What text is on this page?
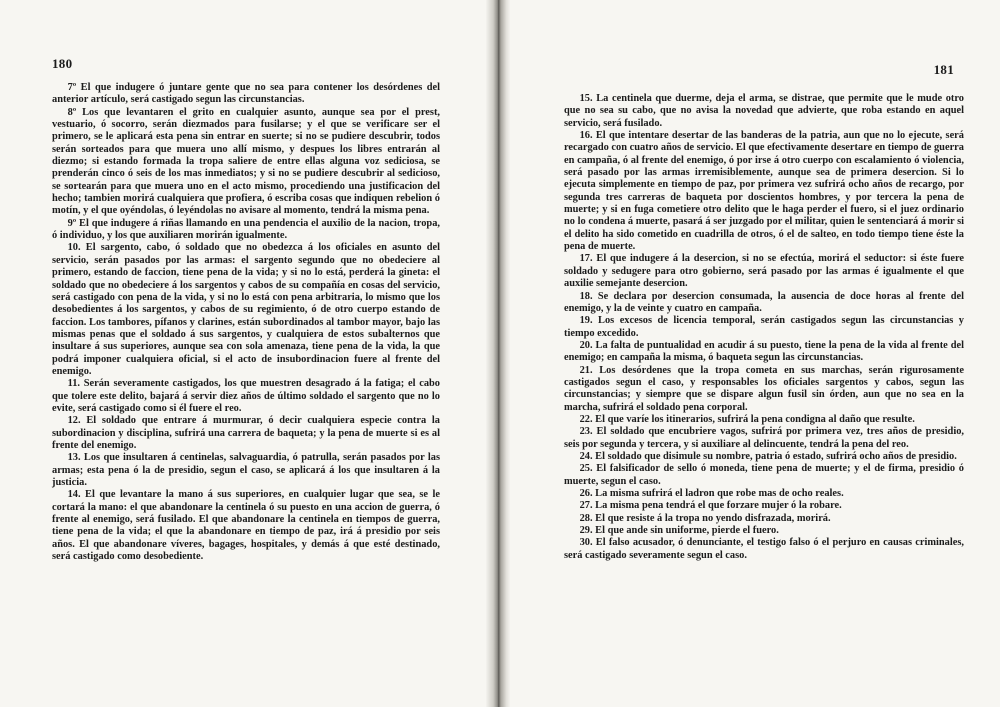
180

7º El que indugere ó juntare gente que no sea para contener los desórdenes del anterior artículo, será castigado segun las circunstancias.

8º Los que levantaren el grito en cualquier asunto, aunque sea por el prest, vestuario, ó socorro, serán diezmados para fusilarse; y el que se verificare ser el primero, se le aplicará esta pena sin entrar en suerte; si no se pudiere descubrir, todos serán sorteados para que muera uno allí mismo, y despues los libres entrarán al diezmo; si estando formada la tropa saliere de entre ellas alguna voz sediciosa, se prenderán cinco ó seis de los mas inmediatos; y si no se pudiere descubrir al sedicioso, se sortearán para que muera uno en el acto mismo, procediendo una justificacion del hecho; tambien morirá cualquiera que profiera, ó escriba cosas que indiquen rebelion ó motín, y el que oyéndolas, ó leyéndolas no avisare al momento, tendrá la misma pena.

9º El que indugere á riñas llamando en una pendencia el auxilio de la nacion, tropa, ó individuo, y los que auxiliaren morirán igualmente.

10. El sargento, cabo, ó soldado que no obedezca á los oficiales en asunto del servicio, serán pasados por las armas: el sargento segundo que no obedeciere al primero, estando de faccion, tiene pena de la vida; y si no lo está, perderá la gineta: el soldado que no obedeciere á los sargentos y cabos de su compañía en cosas del servicio, será castigado con pena de la vida, y si no lo está con pena arbitraria, lo mismo que los desobedientes á los sargentos, y cabos de su regimiento, ó de otro cuerpo estando de faccion. Los tambores, pífanos y clarines, están subordinados al tambor mayor, bajo las mismas penas que el soldado á sus sargentos, y cualquiera de estos subalternos que insultare á sus superiores, aunque sea con sola amenaza, tiene pena de la vida, la que podrá imponer cualquiera oficial, si el acto de insubordinacion fuere al frente del enemigo.

11. Serán severamente castigados, los que muestren desagrado á la fatiga; el cabo que tolere este delito, bajará á servir diez años de último soldado el sargento que no lo evite, será castigado como si él fuere el reo.

12. El soldado que entrare á murmurar, ó decir cualquiera especie contra la subordinacion y disciplina, sufrirá una carrera de baqueta; y la pena de muerte si es al frente del enemigo.

13. Los que insultaren á centinelas, salvaguardia, ó patrulla, serán pasados por las armas; esta pena ó la de presidio, segun el caso, se aplicará á los que insultaren á la justicia.

14. El que levantare la mano á sus superiores, en cualquier lugar que sea, se le cortará la mano: el que abandonare la centinela ó su puesto en una accion de guerra, ó frente al enemigo, será fusilado. El que abandonare la centinela en tiempos de guerra, tiene pena de la vida; el que la abandonare en tiempo de paz, irá á presidio por seis años. El que abandonare víveres, bagages, hospitales, y demás á que esté destinado, será castigado como desobediente.

181

15. La centinela que duerme, deja el arma, se distrae, que permite que le mude otro que no sea su cabo, que no avisa la novedad que advierte, que roba estando en aquel servicio, será fusilado.

16. El que intentare desertar de las banderas de la patria, aun que no lo ejecute, será recargado con cuatro años de servicio. El que efectivamente desertare en tiempo de guerra en campaña, ó al frente del enemigo, ó por irse á otro cuerpo con escalamiento ó violencia, será pasado por las armas irremisiblemente, aunque sea de primera desercion. Si lo ejecuta simplemente en tiempo de paz, por primera vez sufrirá ocho años de recargo, por segunda tres carreras de baqueta por doscientos hombres, y por tercera la pena de muerte; y si en fuga cometiere otro delito que le haga perder el fuero, si el juez ordinario no lo condena á muerte, pasará á ser juzgado por el militar, quien le sentenciará á morir si el delito ha sido cometido en cuadrilla de otros, ó el de salteo, en todo tiempo tiene éste la pena de muerte.

17. El que indugere á la desercion, si no se efectúa, morirá el seductor: si éste fuere soldado y sedugere para otro gobierno, será pasado por las armas é igualmente el que auxilie semejante desercion.

18. Se declara por desercion consumada, la ausencia de doce horas al frente del enemigo, y la de veinte y cuatro en campaña.

19. Los excesos de licencia temporal, serán castigados segun las circunstancias y tiempo excedido.

20. La falta de puntualidad en acudir á su puesto, tiene la pena de la vida al frente del enemigo; en campaña la misma, ó baqueta segun las circunstancias.

21. Los desórdenes que la tropa cometa en sus marchas, serán rigurosamente castigados segun el caso, y responsables los oficiales sargentos y cabos, segun las circunstancias; y siempre que se dispare algun fusil sin órden, aun que no sea en la marcha, sufrirá el soldado pena corporal.

22. El que varíe los itinerarios, sufrirá la pena condigna al daño que resulte.

23. El soldado que encubriere vagos, sufrirá por primera vez, tres años de presidio, seis por segunda y tercera, y si auxiliare al delincuente, tendrá la pena del reo.

24. El soldado que disimule su nombre, patria ó estado, sufrirá ocho años de presidio.

25. El falsificador de sello ó moneda, tiene pena de muerte; y el de firma, presidio ó muerte, segun el caso.

26. La misma sufrirá el ladron que robe mas de ocho reales.

27. La misma pena tendrá el que forzare mujer ó la robare.

28. El que resiste á la tropa no yendo disfrazada, morirá.

29. El que ande sin uniforme, pierde el fuero.

30. El falso acusador, ó denunciante, el testigo falso ó el perjuro en causas criminales, será castigado severamente segun el caso.
